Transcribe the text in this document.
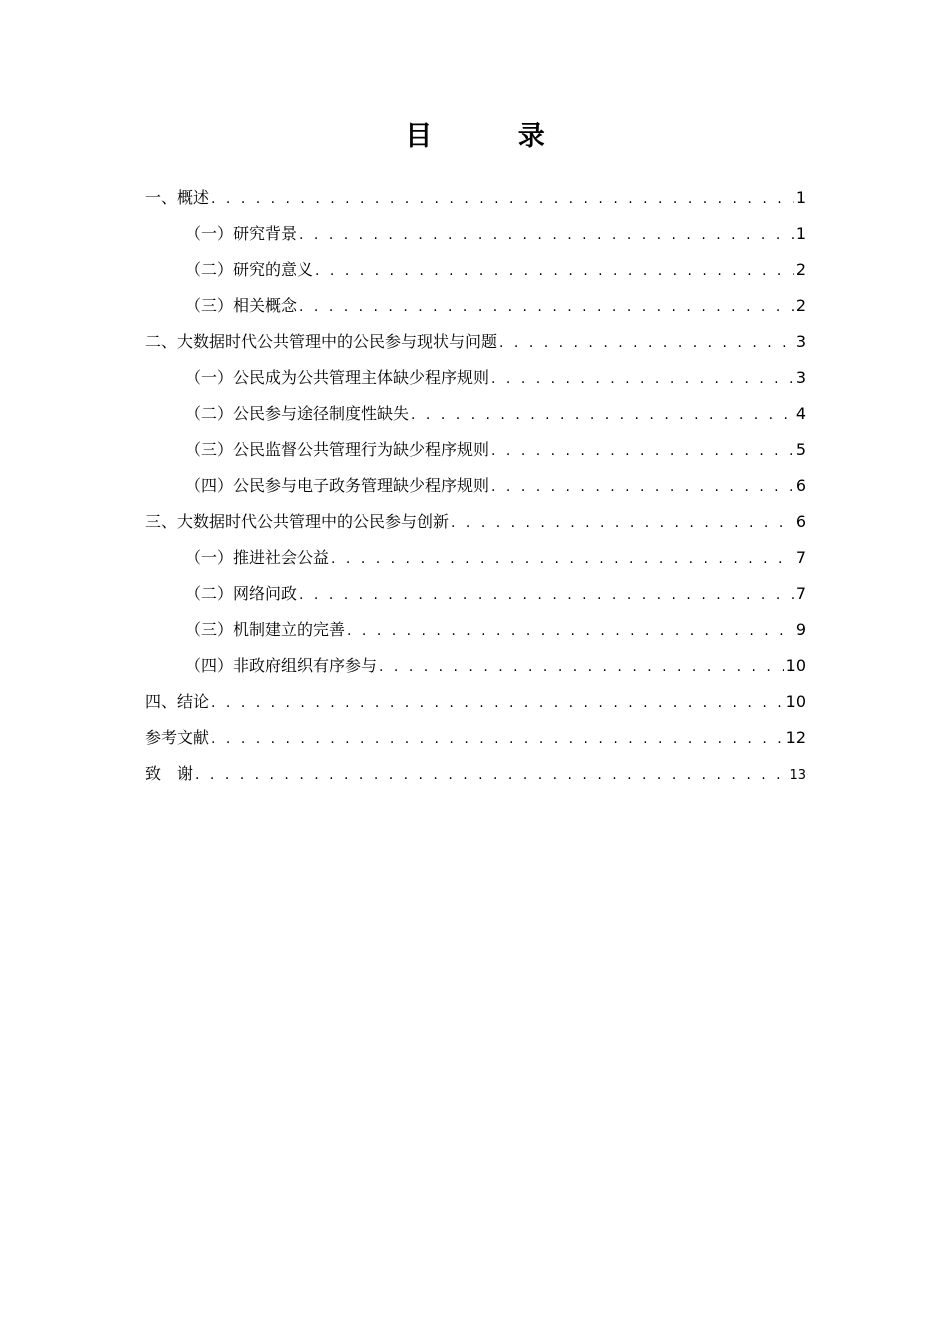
目 录
一、概述 . . .	1
（一）研究背景 . . .	1
（二）研究的意义 . . .	2
（三）相关概念 . . .	2
二、大数据时代公共管理中的公民参与现状与问题 . . .	3
（一）公民成为公共管理主体缺少程序规则 . . .	3
（二）公民参与途径制度性缺失 . . .	4
（三）公民监督公共管理行为缺少程序规则 . . .	5
（四）公民参与电子政务管理缺少程序规则 . . .	6
三、大数据时代公共管理中的公民参与创新 . . .	6
（一）推进社会公益 . . .	7
（二）网络问政 . . .	7
（三）机制建立的完善 . . .	9
（四）非政府组织有序参与 . . .	10
四、结论 . . .	10
参考文献 . . .	12
致　谢 . . .	13
